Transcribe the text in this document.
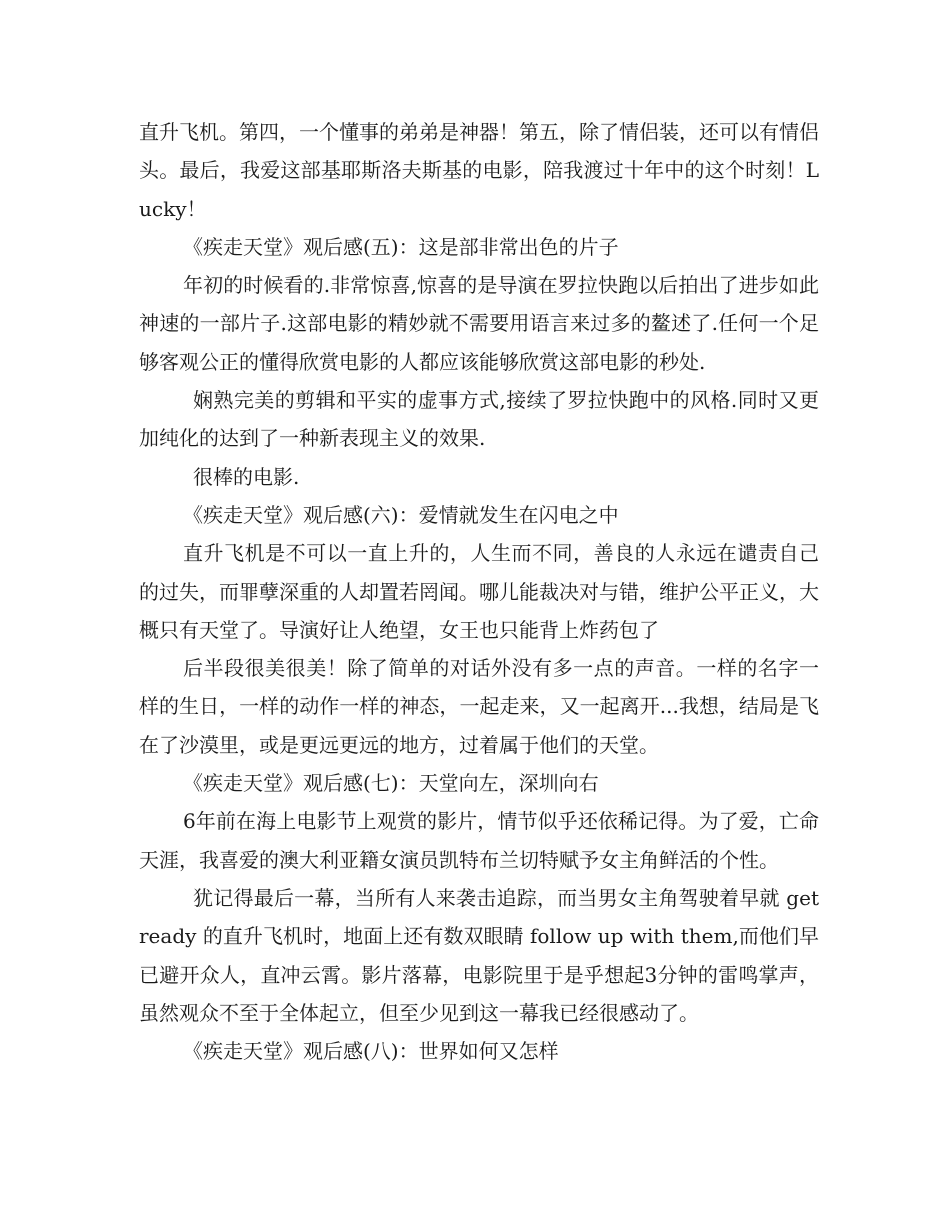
直升飞机。第四，一个懂事的弟弟是神器！第五，除了情侣装，还可以有情侣头。最后，我爱这部基耶斯洛夫斯基的电影，陪我渡过十年中的这个时刻！Lucky！

《疾走天堂》观后感(五)：这是部非常出色的片子

年初的时候看的.非常惊喜,惊喜的是导演在罗拉快跑以后拍出了进步如此神速的一部片子.这部电影的精妙就不需要用语言来过多的鳌述了.任何一个足够客观公正的懂得欣赏电影的人都应该能够欣赏这部电影的秒处.

娴熟完美的剪辑和平实的虚事方式,接续了罗拉快跑中的风格.同时又更加纯化的达到了一种新表现主义的效果.

很棒的电影.

《疾走天堂》观后感(六)：爱情就发生在闪电之中

直升飞机是不可以一直上升的，人生而不同，善良的人永远在谴责自己的过失，而罪孽深重的人却置若罔闻。哪儿能裁决对与错，维护公平正义，大概只有天堂了。导演好让人绝望，女王也只能背上炸药包了

后半段很美很美！除了简单的对话外没有多一点的声音。一样的名字一样的生日，一样的动作一样的神态，一起走来，又一起离开...我想，结局是飞在了沙漠里，或是更远更远的地方，过着属于他们的天堂。

《疾走天堂》观后感(七)：天堂向左，深圳向右

6年前在海上电影节上观赏的影片，情节似乎还依稀记得。为了爱，亡命天涯，我喜爱的澳大利亚籍女演员凯特布兰切特赋予女主角鲜活的个性。

犹记得最后一幕，当所有人来袭击追踪，而当男女主角驾驶着早就 get ready 的直升飞机时，地面上还有数双眼睛 follow up with them,而他们早已避开众人，直冲云霄。影片落幕，电影院里于是乎想起3分钟的雷鸣掌声，虽然观众不至于全体起立，但至少见到这一幕我已经很感动了。

《疾走天堂》观后感(八)：世界如何又怎样
